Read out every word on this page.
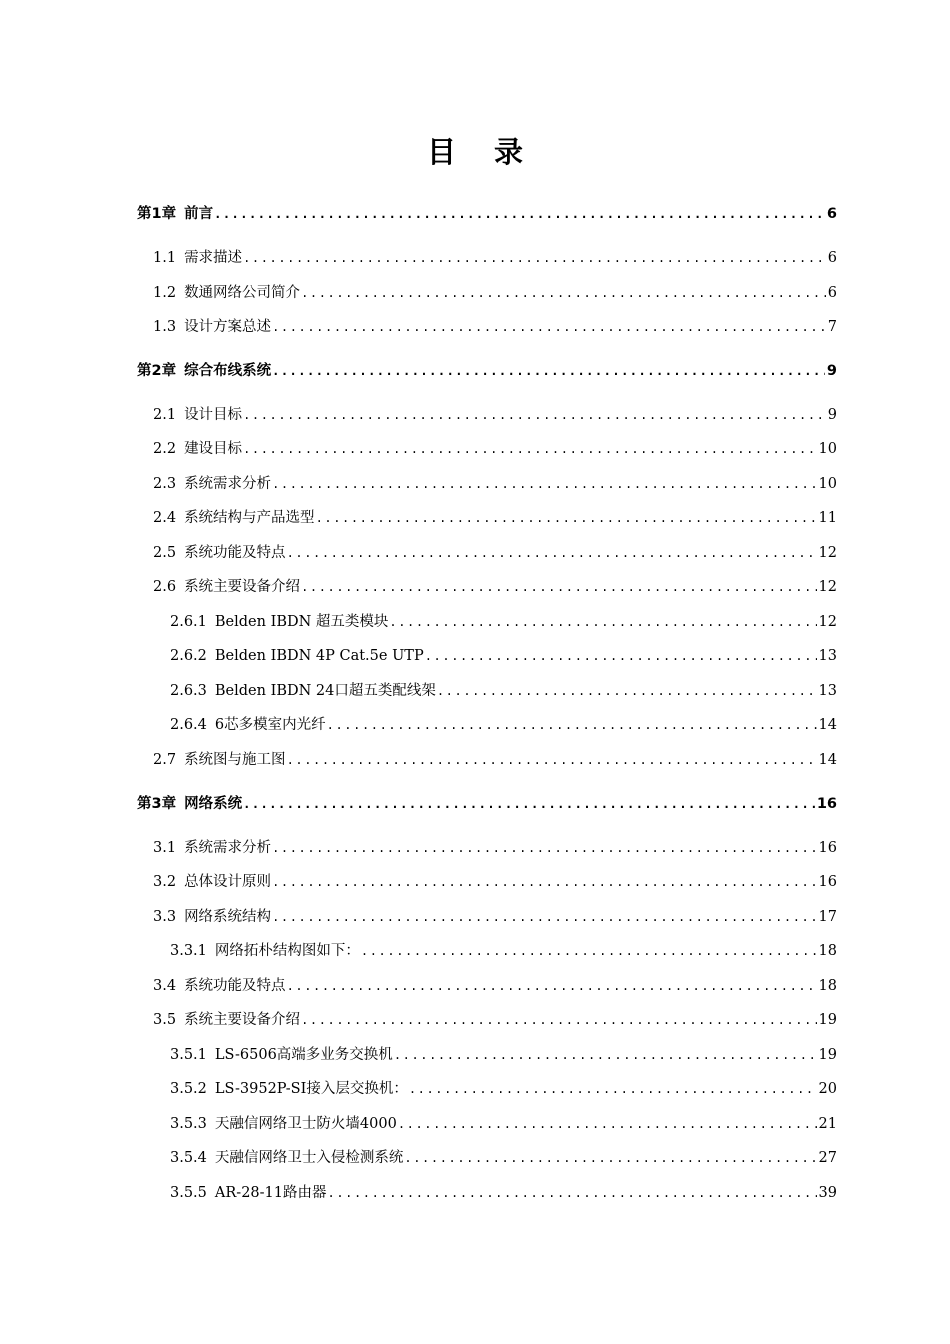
目 录
第1章 前言 .....	6
1.1 需求描述 .....	6
1.2 数通网络公司简介 .....	6
1.3 设计方案总述 .....	7
第2章 综合布线系统 .....	9
2.1 设计目标 .....	9
2.2 建设目标 .....	10
2.3 系统需求分析 .....	10
2.4 系统结构与产品选型 .....	11
2.5 系统功能及特点 .....	12
2.6 系统主要设备介绍 .....	12
2.6.1 Belden IBDN 超五类模块 .....	12
2.6.2 Belden IBDN 4P Cat.5e UTP .....	13
2.6.3 Belden IBDN 24口超五类配线架 .....	13
2.6.4 6芯多模室内光纤 .....	14
2.7 系统图与施工图 .....	14
第3章 网络系统 .....	16
3.1 系统需求分析 .....	16
3.2 总体设计原则 .....	16
3.3 网络系统结构 .....	17
3.3.1 网络拓朴结构图如下： .....	18
3.4 系统功能及特点 .....	18
3.5 系统主要设备介绍 .....	19
3.5.1 LS-6506高端多业务交换机 .....	19
3.5.2 LS-3952P-SI接入层交换机： .....	20
3.5.3 天融信网络卫士防火墙4000 .....	21
3.5.4 天融信网络卫士入侵检测系统 .....	27
3.5.5 AR-28-11路由器 .....	39
